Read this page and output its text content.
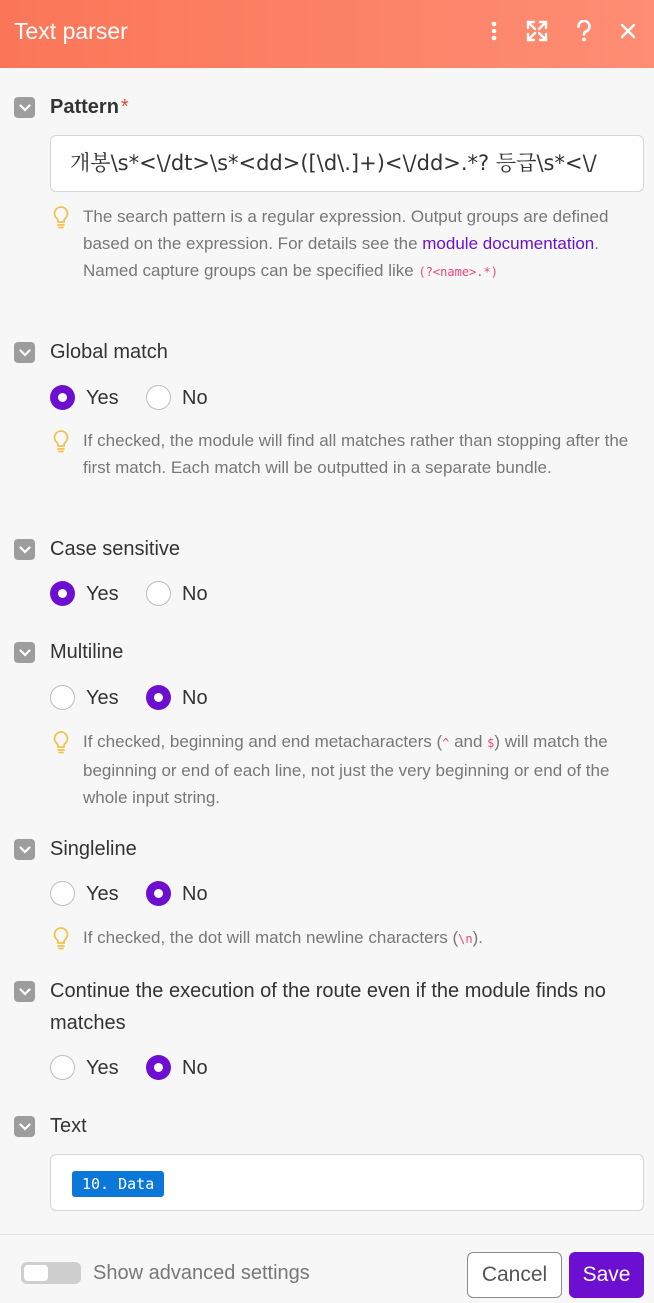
Text parser
Pattern *
개봉\s*<\/dt>\s*<dd>([\d\.]+)<\/dd>.*? 등급\s*<\/
The search pattern is a regular expression. Output groups are defined based on the expression. For details see the module documentation.
Named capture groups can be specified like (?<name>.*)
Global match
Yes	No
If checked, the module will find all matches rather than stopping after the first match. Each match will be outputted in a separate bundle.
Case sensitive
Yes	No
Multiline
Yes	No
If checked, beginning and end metacharacters (^ and $) will match the beginning or end of each line, not just the very beginning or end of the whole input string.
Singleline
Yes	No
If checked, the dot will match newline characters (\n).
Continue the execution of the route even if the module finds no matches
Yes	No
Text
10. Data
Show advanced settings	Cancel	Save
